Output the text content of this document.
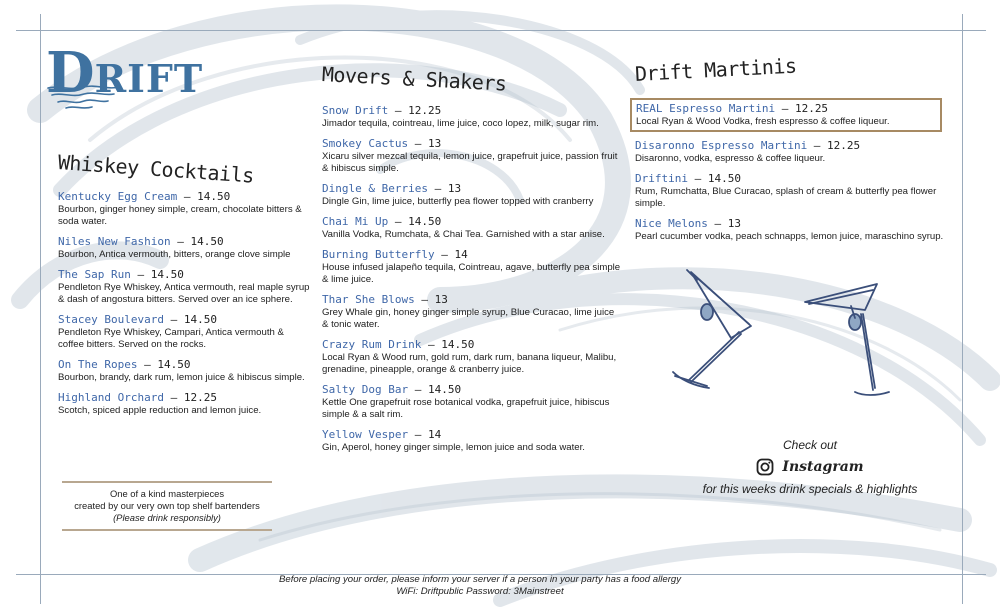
DRIFT
Whiskey Cocktails
Kentucky Egg Cream – 14.50
Bourbon, ginger honey simple, cream, chocolate bitters & soda water.
Niles New Fashion – 14.50
Bourbon, Antica vermouth, bitters, orange clove simple
The Sap Run – 14.50
Pendleton Rye Whiskey, Antica vermouth, real maple syrup & dash of angostura bitters. Served over an ice sphere.
Stacey Boulevard – 14.50
Pendleton Rye Whiskey, Campari, Antica vermouth & coffee bitters. Served on the rocks.
On The Ropes – 14.50
Bourbon, brandy, dark rum, lemon juice & hibiscus simple.
Highland Orchard – 12.25
Scotch, spiced apple reduction and lemon juice.
One of a kind masterpieces
created by our very own top shelf bartenders
(Please drink responsibly)
Movers & Shakers
Snow Drift – 12.25
Jimador tequila, cointreau, lime juice, coco lopez, milk, sugar rim.
Smokey Cactus – 13
Xicaru silver mezcal tequila, lemon juice, grapefruit juice, passion fruit & hibiscus simple.
Dingle & Berries – 13
Dingle Gin, lime juice, butterfly pea flower topped with cranberry
Chai Mi Up – 14.50
Vanilla Vodka, Rumchata, & Chai Tea. Garnished with a star anise.
Burning Butterfly – 14
House infused jalapeño tequila, Cointreau, agave, butterfly pea simple & lime juice.
Thar She Blows – 13
Grey Whale gin, honey ginger simple syrup, Blue Curacao, lime juice & tonic water.
Crazy Rum Drink – 14.50
Local Ryan & Wood rum, gold rum, dark rum, banana liqueur, Malibu, grenadine, pineapple, orange & cranberry juice.
Salty Dog Bar – 14.50
Kettle One grapefruit rose botanical vodka, grapefruit juice, hibiscus simple & a salt rim.
Yellow Vesper – 14
Gin, Aperol, honey ginger simple, lemon juice and soda water.
Drift Martinis
REAL Espresso Martini – 12.25
Local Ryan & Wood Vodka, fresh espresso & coffee liqueur.
Disaronno Espresso Martini – 12.25
Disaronno, vodka, espresso & coffee liqueur.
Driftini – 14.50
Rum, Rumchatta, Blue Curacao, splash of cream & butterfly pea flower simple.
Nice Melons – 13
Pearl cucumber vodka, peach schnapps, lemon juice, maraschino syrup.
Check out
Instagram
for this weeks drink specials & highlights
Before placing your order, please inform your server if a person in your party has a food allergy
WiFi: Driftpublic Password: 3Mainstreet
